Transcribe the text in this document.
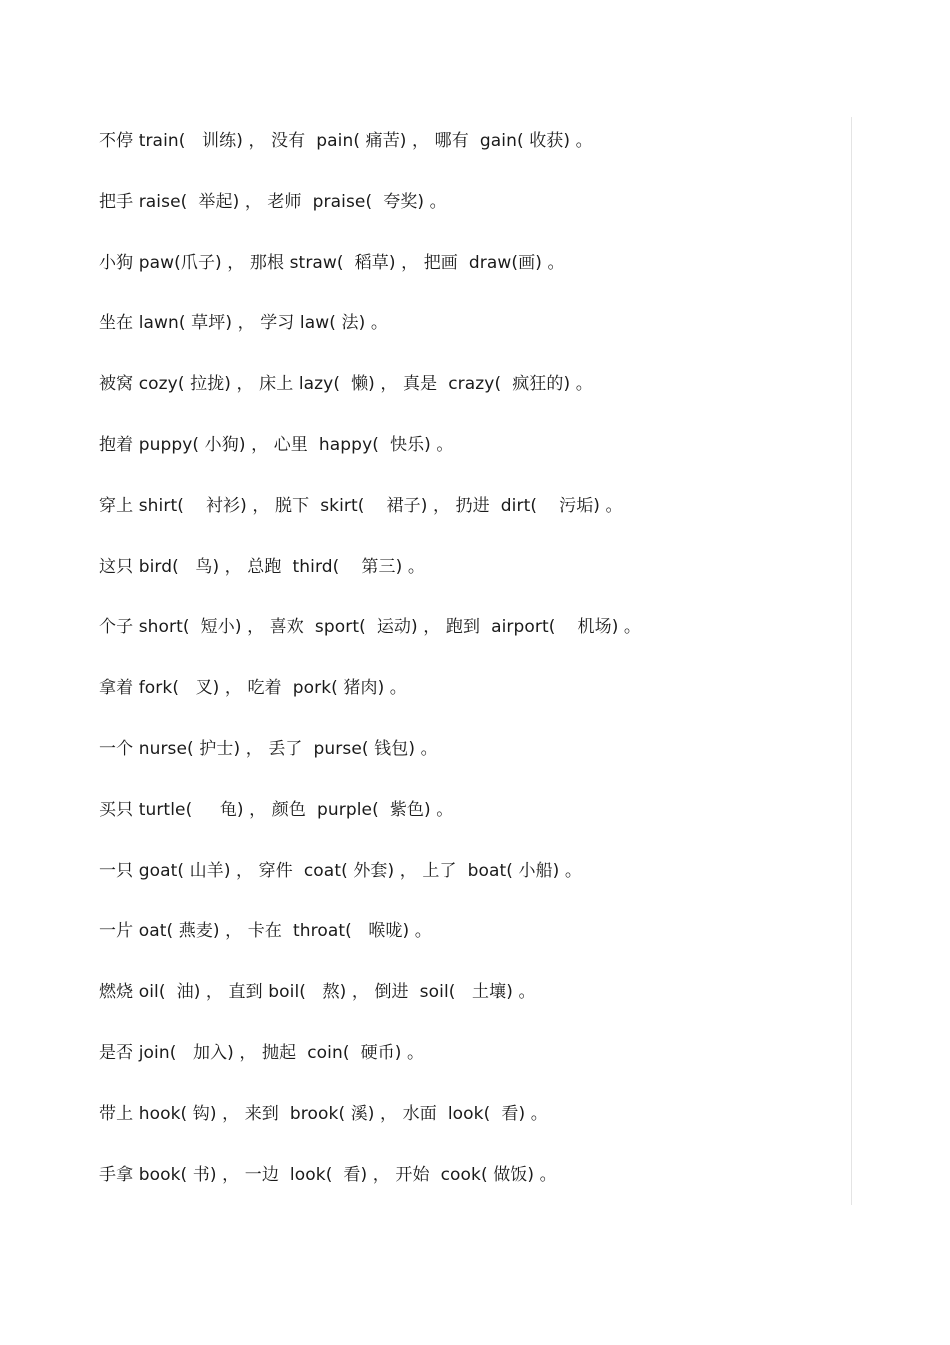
不停 train(   训练) ， 没有  pain( 痛苦) ， 哪有  gain( 收获) 。
把手 raise(  举起) ， 老师  praise(  夸奖) 。
小狗 paw(爪子) ， 那根 straw(  稻草) ， 把画  draw(画) 。
坐在 lawn( 草坪) ， 学习 law( 法) 。
被窝 cozy( 拉拢) ， 床上 lazy(  懒) ， 真是  crazy(  疯狂的) 。
抱着 puppy( 小狗) ， 心里  happy(  快乐) 。
穿上 shirt(    衬衫) ， 脱下  skirt(    裙子) ， 扔进  dirt(    污垢) 。
这只 bird(   鸟) ， 总跑  third(    第三) 。
个子 short(  短小) ， 喜欢  sport(  运动) ， 跑到  airport(    机场) 。
拿着 fork(   叉) ， 吃着  pork( 猪肉) 。
一个 nurse( 护士) ， 丢了  purse( 钱包) 。
买只 turtle(     龟) ， 颜色  purple(  紫色) 。
一只 goat( 山羊) ， 穿件  coat( 外套) ， 上了  boat( 小船) 。
一片 oat( 燕麦) ， 卡在  throat(   喉咙) 。
燃烧 oil(  油) ， 直到 boil(   熬) ， 倒进  soil(   土壤) 。
是否 join(   加入) ， 抛起  coin(  硬币) 。
带上 hook( 钩) ， 来到  brook( 溪) ， 水面  look(  看) 。
手拿 book( 书) ， 一边  look(  看) ， 开始  cook( 做饭) 。
